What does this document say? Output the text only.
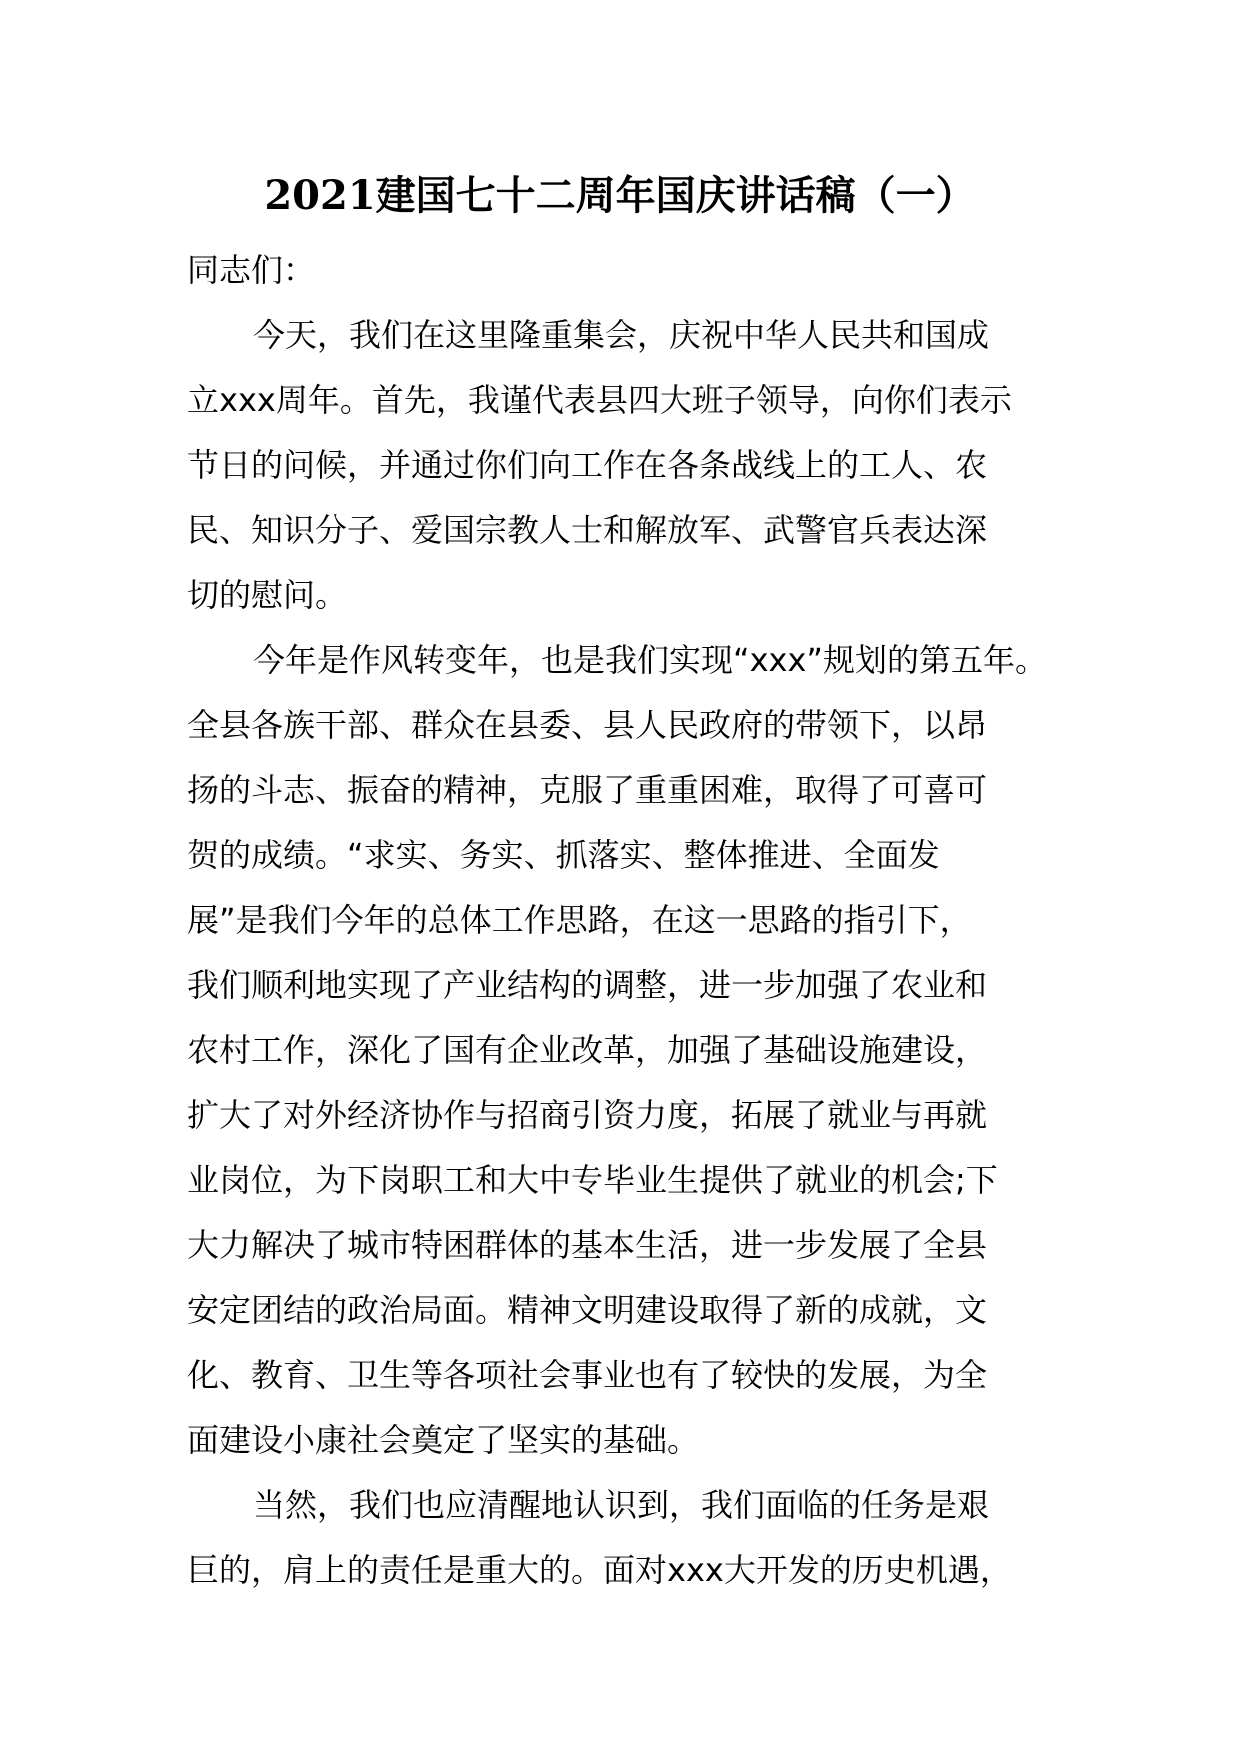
2021建国七十二周年国庆讲话稿（一）

同志们：

今天，我们在这里隆重集会，庆祝中华人民共和国成
立xxx周年。首先，我谨代表县四大班子领导，向你们表示
节日的问候，并通过你们向工作在各条战线上的工人、农
民、知识分子、爱国宗教人士和解放军、武警官兵表达深
切的慰问。

今年是作风转变年，也是我们实现“xxx”规划的第五年。
全县各族干部、群众在县委、县人民政府的带领下，以昂
扬的斗志、振奋的精神，克服了重重困难，取得了可喜可
贺的成绩。“求实、务实、抓落实、整体推进、全面发
展”是我们今年的总体工作思路，在这一思路的指引下，
我们顺利地实现了产业结构的调整，进一步加强了农业和
农村工作，深化了国有企业改革，加强了基础设施建设，
扩大了对外经济协作与招商引资力度，拓展了就业与再就
业岗位，为下岗职工和大中专毕业生提供了就业的机会;下
大力解决了城市特困群体的基本生活，进一步发展了全县
安定团结的政治局面。精神文明建设取得了新的成就，文
化、教育、卫生等各项社会事业也有了较快的发展，为全
面建设小康社会奠定了坚实的基础。

当然，我们也应清醒地认识到，我们面临的任务是艰
巨的，肩上的责任是重大的。面对xxx大开发的历史机遇，
